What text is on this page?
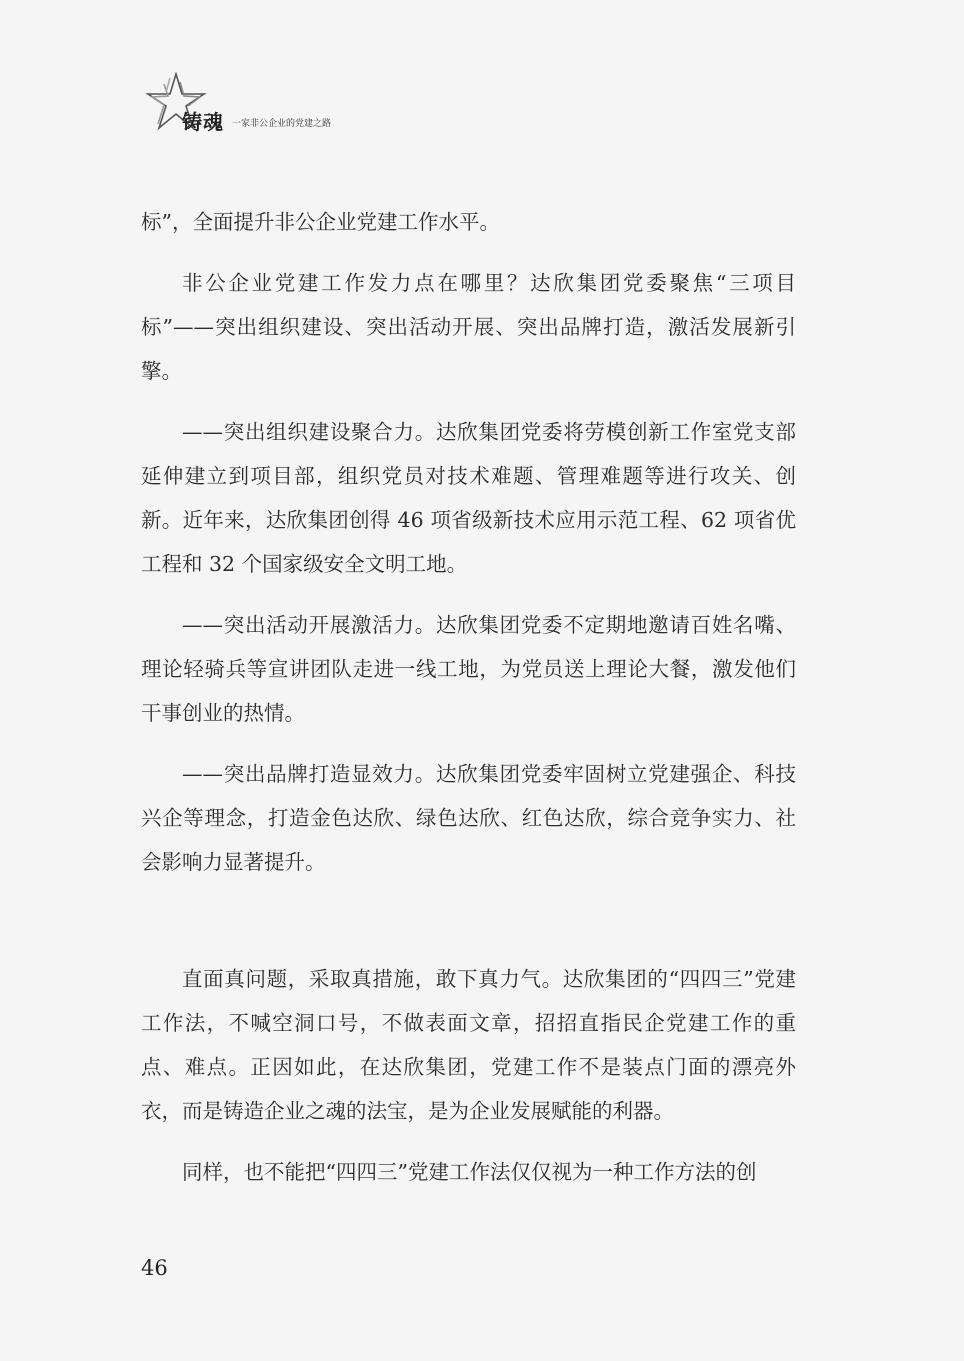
铸魂 一家非公企业的党建之路

标”，全面提升非公企业党建工作水平。

非公企业党建工作发力点在哪里？达欣集团党委聚焦“三项目标”——突出组织建设、突出活动开展、突出品牌打造，激活发展新引擎。

——突出组织建设聚合力。达欣集团党委将劳模创新工作室党支部延伸建立到项目部，组织党员对技术难题、管理难题等进行攻关、创新。近年来，达欣集团创得 46 项省级新技术应用示范工程、62 项省优工程和 32 个国家级安全文明工地。

——突出活动开展激活力。达欣集团党委不定期地邀请百姓名嘴、理论轻骑兵等宣讲团队走进一线工地，为党员送上理论大餐，激发他们干事创业的热情。

——突出品牌打造显效力。达欣集团党委牢固树立党建强企、科技兴企等理念，打造金色达欣、绿色达欣、红色达欣，综合竞争实力、社会影响力显著提升。

直面真问题，采取真措施，敢下真力气。达欣集团的“四四三”党建工作法，不喊空洞口号，不做表面文章，招招直指民企党建工作的重点、难点。正因如此，在达欣集团，党建工作不是装点门面的漂亮外衣，而是铸造企业之魂的法宝，是为企业发展赋能的利器。

同样，也不能把“四四三”党建工作法仅仅视为一种工作方法的创

46
